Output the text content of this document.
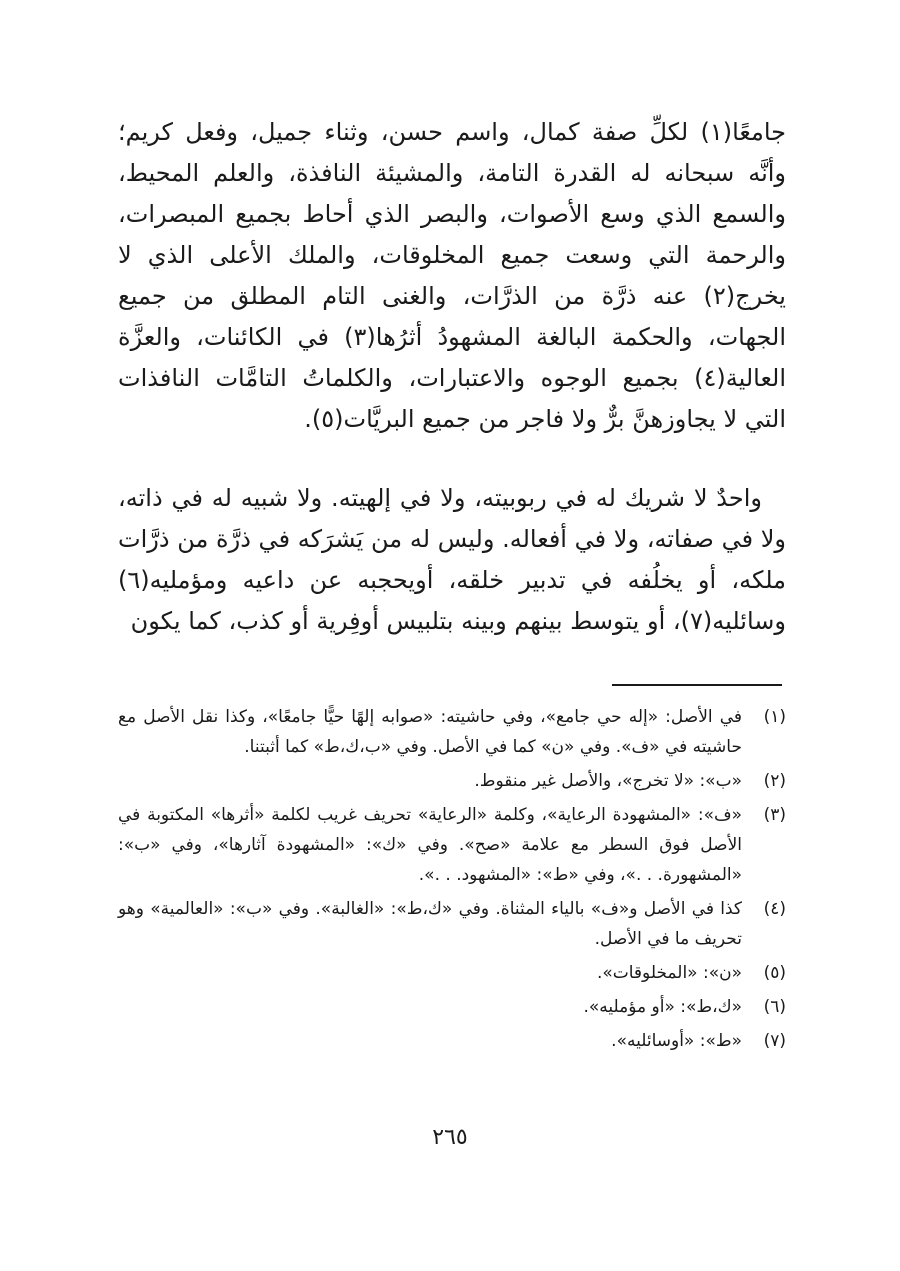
جامعًا(١) لكلِّ صفة كمال، واسم حسن، وثناء جميل، وفعل كريم؛ وأنَّه سبحانه له القدرة التامة، والمشيئة النافذة، والعلم المحيط، والسمع الذي وسع الأصوات، والبصر الذي أحاط بجميع المبصرات، والرحمة التي وسعت جميع المخلوقات، والملك الأعلى الذي لا يخرج(٢) عنه ذرَّة من الذرَّات، والغنى التام المطلق من جميع الجهات، والحكمة البالغة المشهودُ أثرُها(٣) في الكائنات، والعزَّة العالية(٤) بجميع الوجوه والاعتبارات، والكلماتُ التامَّات النافذات التي لا يجاوزهنَّ برٌّ ولا فاجر من جميع البريَّات(٥).

واحدٌ لا شريك له في ربوبيته، ولا في إلهيته. ولا شبيه له في ذاته، ولا في صفاته، ولا في أفعاله. وليس له من يَشرَكه في ذرَّة من ذرَّات ملكه، أو يخلُفه في تدبير خلقه، أويحجبه عن داعيه ومؤمليه(٦) وسائليه(٧)، أو يتوسط بينهم وبينه بتلبيس أوفِرية أو كذب، كما يكون

(١)
في الأصل: «إله حي جامع»، وفي حاشيته: «صوابه إلهًا حيًّا جامعًا»، وكذا نقل الأصل مع حاشيته في «ف». وفي «ن» كما في الأصل. وفي «ب،ك،ط» كما أثبتنا.
(٢)
«ب»: «لا تخرج»، والأصل غير منقوط.
(٣)
«ف»: «المشهودة الرعاية»، وكلمة «الرعاية» تحريف غريب لكلمة «أثرها» المكتوبة في الأصل فوق السطر مع علامة «صح». وفي «ك»: «المشهودة آثارها»، وفي «ب»: «المشهورة. . .»، وفي «ط»: «المشهود. . .».
(٤)
كذا في الأصل و«ف» بالياء المثناة. وفي «ك،ط»: «الغالبة». وفي «ب»: «العالمية» وهو تحريف ما في الأصل.
(٥)
«ن»: «المخلوقات».
(٦)
«ك،ط»: «أو مؤمليه».
(٧)
«ط»: «أوسائليه».
٢٦٥
